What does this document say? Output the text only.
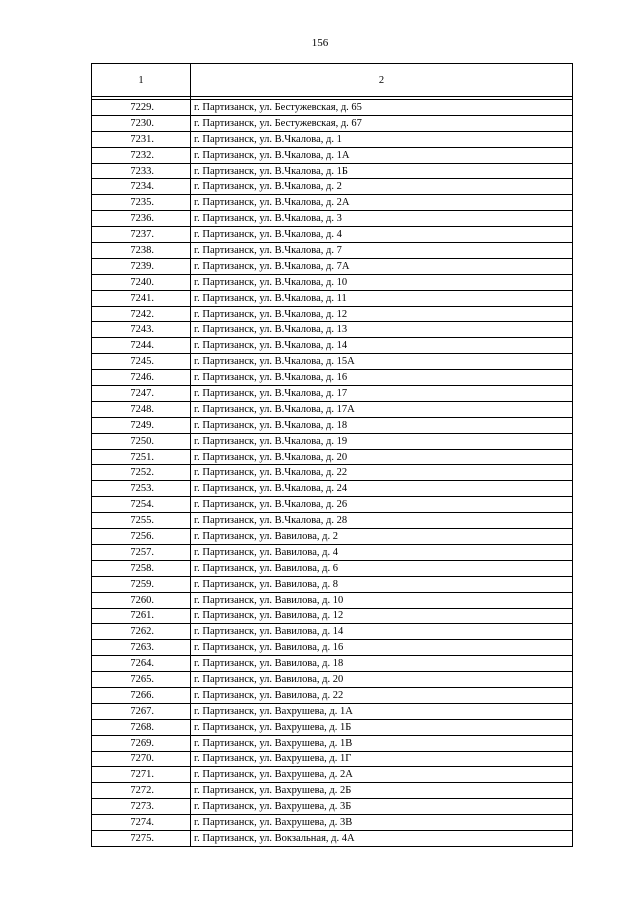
156
1	2

7229.	г. Партизанск, ул. Бестужевская, д. 65
7230.	г. Партизанск, ул. Бестужевская, д. 67
7231.	г. Партизанск, ул. В.Чкалова, д. 1
7232.	г. Партизанск, ул. В.Чкалова, д. 1А
7233.	г. Партизанск, ул. В.Чкалова, д. 1Б
7234.	г. Партизанск, ул. В.Чкалова, д. 2
7235.	г. Партизанск, ул. В.Чкалова, д. 2А
7236.	г. Партизанск, ул. В.Чкалова, д. 3
7237.	г. Партизанск, ул. В.Чкалова, д. 4
7238.	г. Партизанск, ул. В.Чкалова, д. 7
7239.	г. Партизанск, ул. В.Чкалова, д. 7А
7240.	г. Партизанск, ул. В.Чкалова, д. 10
7241.	г. Партизанск, ул. В.Чкалова, д. 11
7242.	г. Партизанск, ул. В.Чкалова, д. 12
7243.	г. Партизанск, ул. В.Чкалова, д. 13
7244.	г. Партизанск, ул. В.Чкалова, д. 14
7245.	г. Партизанск, ул. В.Чкалова, д. 15А
7246.	г. Партизанск, ул. В.Чкалова, д. 16
7247.	г. Партизанск, ул. В.Чкалова, д. 17
7248.	г. Партизанск, ул. В.Чкалова, д. 17А
7249.	г. Партизанск, ул. В.Чкалова, д. 18
7250.	г. Партизанск, ул. В.Чкалова, д. 19
7251.	г. Партизанск, ул. В.Чкалова, д. 20
7252.	г. Партизанск, ул. В.Чкалова, д. 22
7253.	г. Партизанск, ул. В.Чкалова, д. 24
7254.	г. Партизанск, ул. В.Чкалова, д. 26
7255.	г. Партизанск, ул. В.Чкалова, д. 28
7256.	г. Партизанск, ул. Вавилова, д. 2
7257.	г. Партизанск, ул. Вавилова, д. 4
7258.	г. Партизанск, ул. Вавилова, д. 6
7259.	г. Партизанск, ул. Вавилова, д. 8
7260.	г. Партизанск, ул. Вавилова, д. 10
7261.	г. Партизанск, ул. Вавилова, д. 12
7262.	г. Партизанск, ул. Вавилова, д. 14
7263.	г. Партизанск, ул. Вавилова, д. 16
7264.	г. Партизанск, ул. Вавилова, д. 18
7265.	г. Партизанск, ул. Вавилова, д. 20
7266.	г. Партизанск, ул. Вавилова, д. 22
7267.	г. Партизанск, ул. Вахрушева, д. 1А
7268.	г. Партизанск, ул. Вахрушева, д. 1Б
7269.	г. Партизанск, ул. Вахрушева, д. 1В
7270.	г. Партизанск, ул. Вахрушева, д. 1Г
7271.	г. Партизанск, ул. Вахрушева, д. 2А
7272.	г. Партизанск, ул. Вахрушева, д. 2Б
7273.	г. Партизанск, ул. Вахрушева, д. 3Б
7274.	г. Партизанск, ул. Вахрушева, д. 3В
7275.	г. Партизанск, ул. Вокзальная, д. 4А
